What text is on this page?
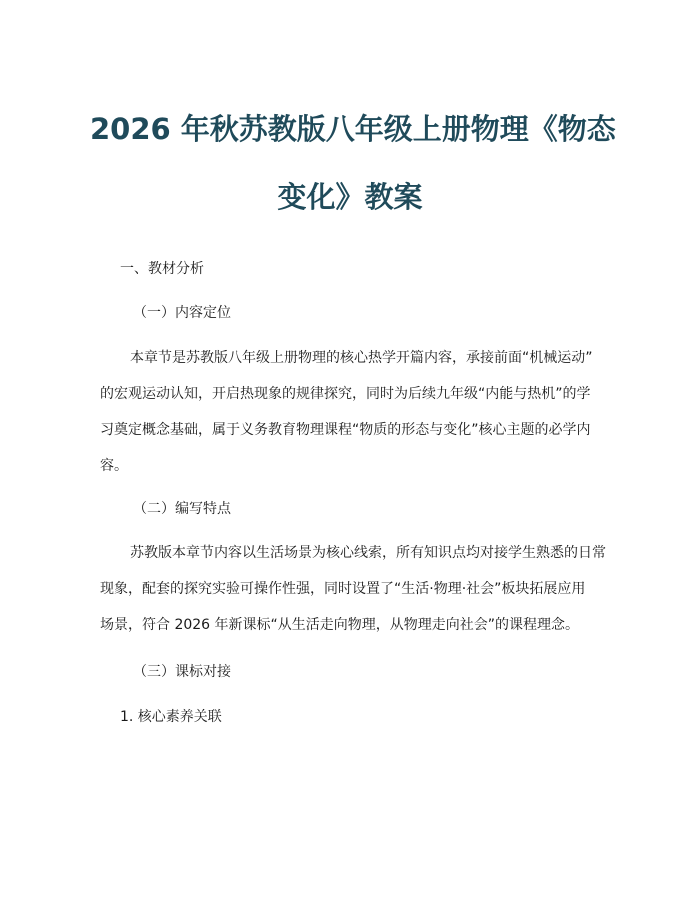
2026 年秋苏教版八年级上册物理《物态
变化》教案
一、教材分析
（一）内容定位
本章节是苏教版八年级上册物理的核心热学开篇内容，承接前面“机械运动”
的宏观运动认知，开启热现象的规律探究，同时为后续九年级“内能与热机”的学
习奠定概念基础，属于义务教育物理课程“物质的形态与变化”核心主题的必学内
容。
（二）编写特点
苏教版本章节内容以生活场景为核心线索，所有知识点均对接学生熟悉的日常
现象，配套的探究实验可操作性强，同时设置了“生活·物理·社会”板块拓展应用
场景，符合 2026 年新课标“从生活走向物理，从物理走向社会”的课程理念。
（三）课标对接
1. 核心素养关联
